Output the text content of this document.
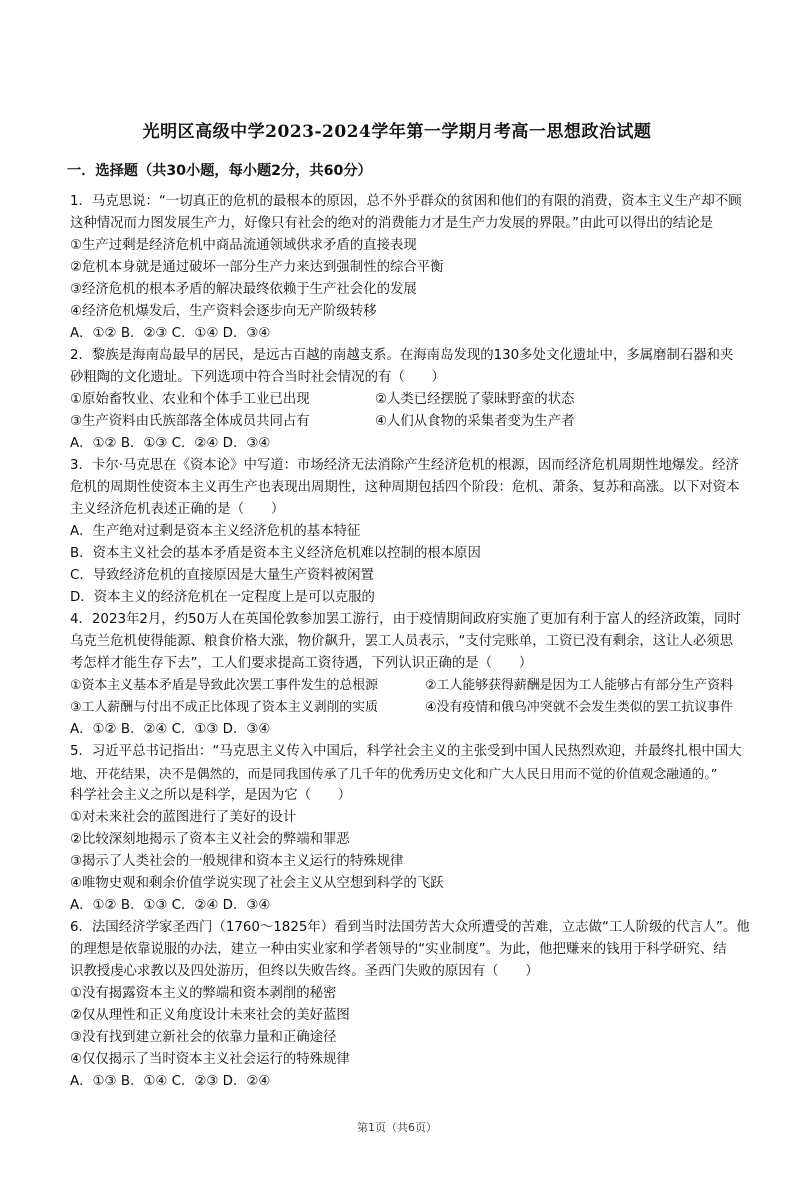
光明区高级中学2023-2024学年第一学期月考高一思想政治试题
一．选择题（共30小题，每小题2分，共60分）
1．马克思说：“一切真正的危机的最根本的原因，总不外乎群众的贫困和他们的有限的消费，资本主义生产却不顾
这种情况而力图发展生产力，好像只有社会的绝对的消费能力才是生产力发展的界限。”由此可以得出的结论是
①生产过剩是经济危机中商品流通领域供求矛盾的直接表现
②危机本身就是通过破坏一部分生产力来达到强制性的综合平衡
③经济危机的根本矛盾的解决最终依赖于生产社会化的发展
④经济危机爆发后，生产资料会逐步向无产阶级转移
A．①② B．②③ C．①④ D．③④
2．黎族是海南岛最早的居民，是远古百越的南越支系。在海南岛发现的130多处文化遗址中，多属磨制石器和夹
砂粗陶的文化遗址。下列选项中符合当时社会情况的有（　　）
①原始畜牧业、农业和个体手工业已出现	②人类已经摆脱了蒙昧野蛮的状态
③生产资料由氏族部落全体成员共同占有	④人们从食物的采集者变为生产者
A．①② B．①③ C．②④ D．③④
3．卡尔·马克思在《资本论》中写道：市场经济无法消除产生经济危机的根源，因而经济危机周期性地爆发。经济
危机的周期性使资本主义再生产也表现出周期性，这种周期包括四个阶段：危机、萧条、复苏和高涨。以下对资本
主义经济危机表述正确的是（　　）
A．生产绝对过剩是资本主义经济危机的基本特征
B．资本主义社会的基本矛盾是资本主义经济危机难以控制的根本原因
C．导致经济危机的直接原因是大量生产资料被闲置
D．资本主义的经济危机在一定程度上是可以克服的
4．2023年2月，约50万人在英国伦敦参加罢工游行，由于疫情期间政府实施了更加有利于富人的经济政策，同时
乌克兰危机使得能源、粮食价格大涨，物价飙升，罢工人员表示，“支付完账单，工资已没有剩余，这让人必须思
考怎样才能生存下去”，工人们要求提高工资待遇，下列认识正确的是（　　）
①资本主义基本矛盾是导致此次罢工事件发生的总根源	②工人能够获得薪酬是因为工人能够占有部分生产资料
③工人薪酬与付出不成正比体现了资本主义剥削的实质	④没有疫情和俄乌冲突就不会发生类似的罢工抗议事件
A．①② B．②④ C．①③ D．③④
5．习近平总书记指出：“马克思主义传入中国后，科学社会主义的主张受到中国人民热烈欢迎，并最终扎根中国大
地、开花结果，决不是偶然的，而是同我国传承了几千年的优秀历史文化和广大人民日用而不觉的价值观念融通的。”
科学社会主义之所以是科学，是因为它（　　）
①对未来社会的蓝图进行了美好的设计
②比较深刻地揭示了资本主义社会的弊端和罪恶
③揭示了人类社会的一般规律和资本主义运行的特殊规律
④唯物史观和剩余价值学说实现了社会主义从空想到科学的飞跃
A．①② B．①③ C．②④ D．③④
6．法国经济学家圣西门（1760～1825年）看到当时法国劳苦大众所遭受的苦难，立志做“工人阶级的代言人”。他
的理想是依靠说服的办法，建立一种由实业家和学者领导的“实业制度”。为此，他把赚来的钱用于科学研究、结
识教授虔心求教以及四处游历，但终以失败告终。圣西门失败的原因有（　　）
①没有揭露资本主义的弊端和资本剥削的秘密
②仅从理性和正义角度设计未来社会的美好蓝图
③没有找到建立新社会的依靠力量和正确途径
④仅仅揭示了当时资本主义社会运行的特殊规律
A．①③ B．①④ C．②③ D．②④
第1页（共6页）
